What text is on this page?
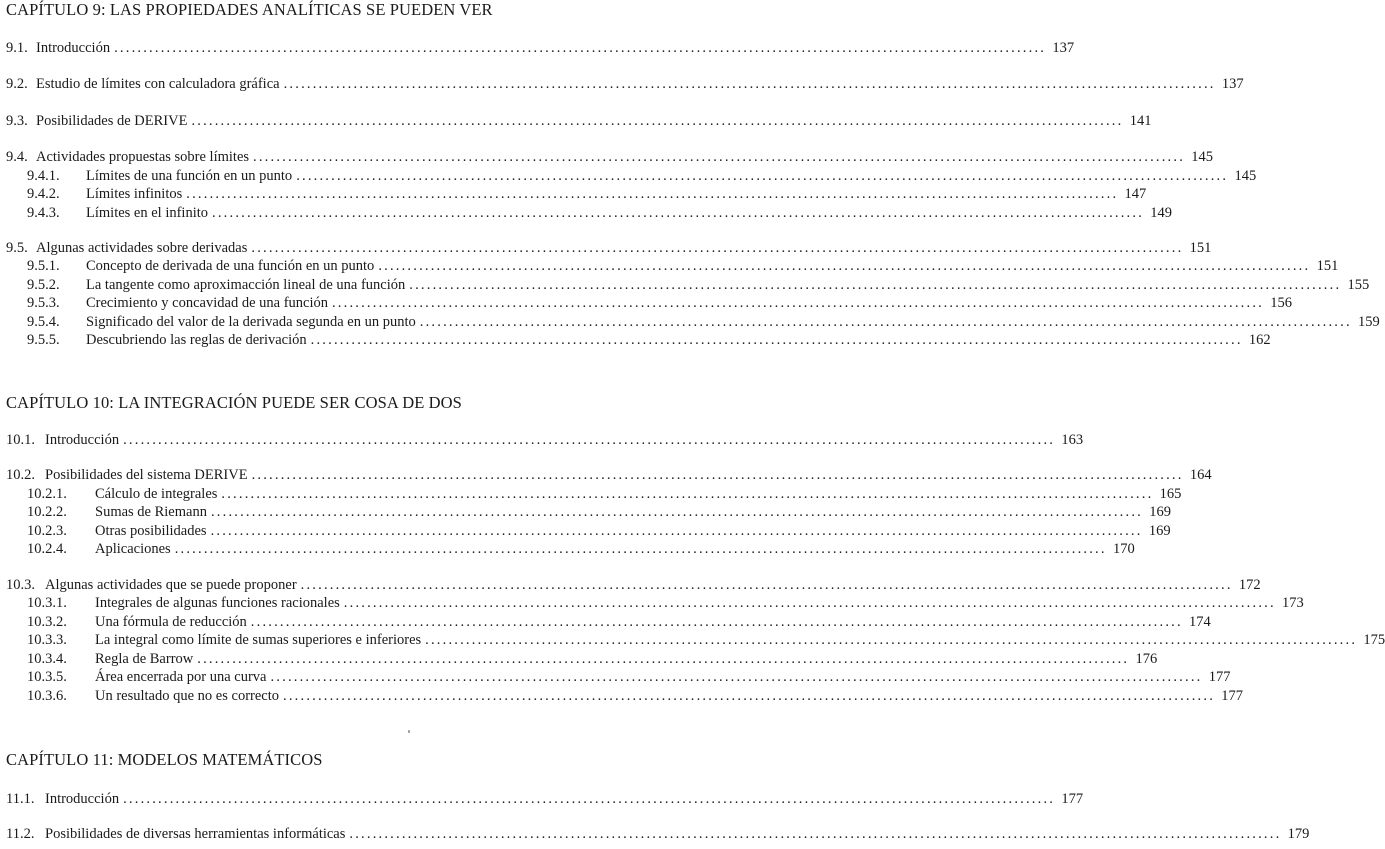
CAPÍTULO 9: LAS PROPIEDADES ANALÍTICAS SE PUEDEN VER
9.1. Introducción ................................................................................................................................................................ 137
9.2. Estudio de límites con calculadora gráfica ................................................................................................................................................................ 137
9.3. Posibilidades de DERIVE ................................................................................................................................................................ 141
9.4. Actividades propuestas sobre límites ................................................................................................................................................................ 145
9.4.1.	Límites de una función en un punto ................................................................................................................................................................ 145
9.4.2.	Límites infinitos ................................................................................................................................................................ 147
9.4.3.	Límites en el infinito ................................................................................................................................................................ 149
9.5. Algunas actividades sobre derivadas ................................................................................................................................................................ 151
9.5.1.	Concepto de derivada de una función en un punto ................................................................................................................................................................ 151
9.5.2.	La tangente como aproximacción lineal de una función ................................................................................................................................................................ 155
9.5.3.	Crecimiento y concavidad de una función ................................................................................................................................................................ 156
9.5.4.	Significado del valor de la derivada segunda en un punto ................................................................................................................................................................ 159
9.5.5.	Descubriendo las reglas de derivación ................................................................................................................................................................ 162
CAPÍTULO 10: LA INTEGRACIÓN PUEDE SER COSA DE DOS
10.1. Introducción ................................................................................................................................................................ 163
10.2. Posibilidades del sistema DERIVE ................................................................................................................................................................ 164
10.2.1.	Cálculo de integrales ................................................................................................................................................................ 165
10.2.2.	Sumas de Riemann ................................................................................................................................................................ 169
10.2.3.	Otras posibilidades ................................................................................................................................................................ 169
10.2.4.	Aplicaciones ................................................................................................................................................................ 170
10.3. Algunas actividades que se puede proponer ................................................................................................................................................................ 172
10.3.1.	Integrales de algunas funciones racionales ................................................................................................................................................................ 173
10.3.2.	Una fórmula de reducción ................................................................................................................................................................ 174
10.3.3.	La integral como límite de sumas superiores e inferiores ................................................................................................................................................................ 175
10.3.4.	Regla de Barrow ................................................................................................................................................................ 176
10.3.5.	Área encerrada por una curva ................................................................................................................................................................ 177
10.3.6.	Un resultado que no es correcto ................................................................................................................................................................ 177
CAPÍTULO 11: MODELOS MATEMÁTICOS
11.1. Introducción ................................................................................................................................................................ 177
11.2. Posibilidades de diversas herramientas informáticas ................................................................................................................................................................ 179
